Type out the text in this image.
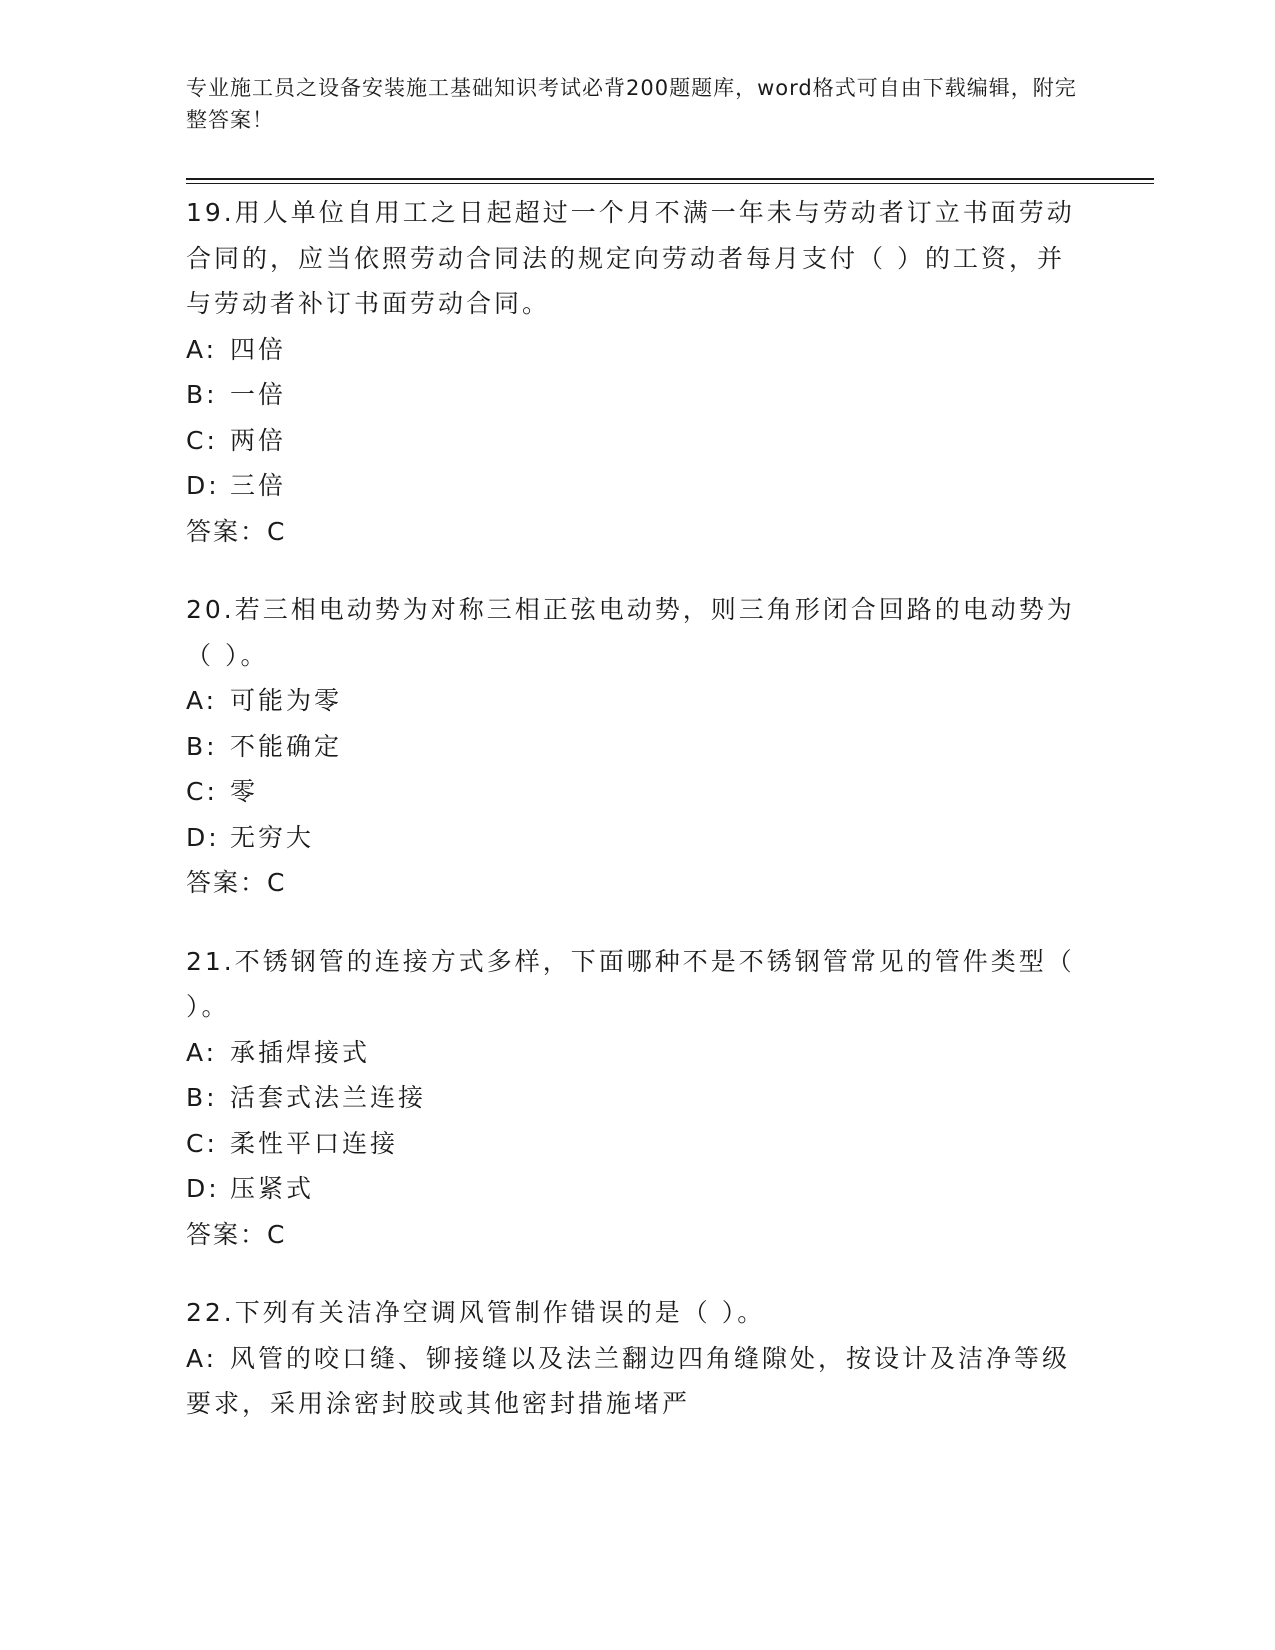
专业施工员之设备安装施工基础知识考试必背200题题库，word格式可自由下载编辑，附完整答案！

19.用人单位自用工之日起超过一个月不满一年未与劳动者订立书面劳动合同的，应当依照劳动合同法的规定向劳动者每月支付（ ）的工资，并与劳动者补订书面劳动合同。

A: 四倍

B: 一倍

C: 两倍

D: 三倍

答案：C

20.若三相电动势为对称三相正弦电动势，则三角形闭合回路的电动势为（ ）。

A: 可能为零

B: 不能确定

C: 零

D: 无穷大

答案：C

21.不锈钢管的连接方式多样，下面哪种不是不锈钢管常见的管件类型（ ）。

A: 承插焊接式

B: 活套式法兰连接

C: 柔性平口连接

D: 压紧式

答案：C

22.下列有关洁净空调风管制作错误的是（ ）。

A: 风管的咬口缝、铆接缝以及法兰翻边四角缝隙处，按设计及洁净等级要求，采用涂密封胶或其他密封措施堵严
